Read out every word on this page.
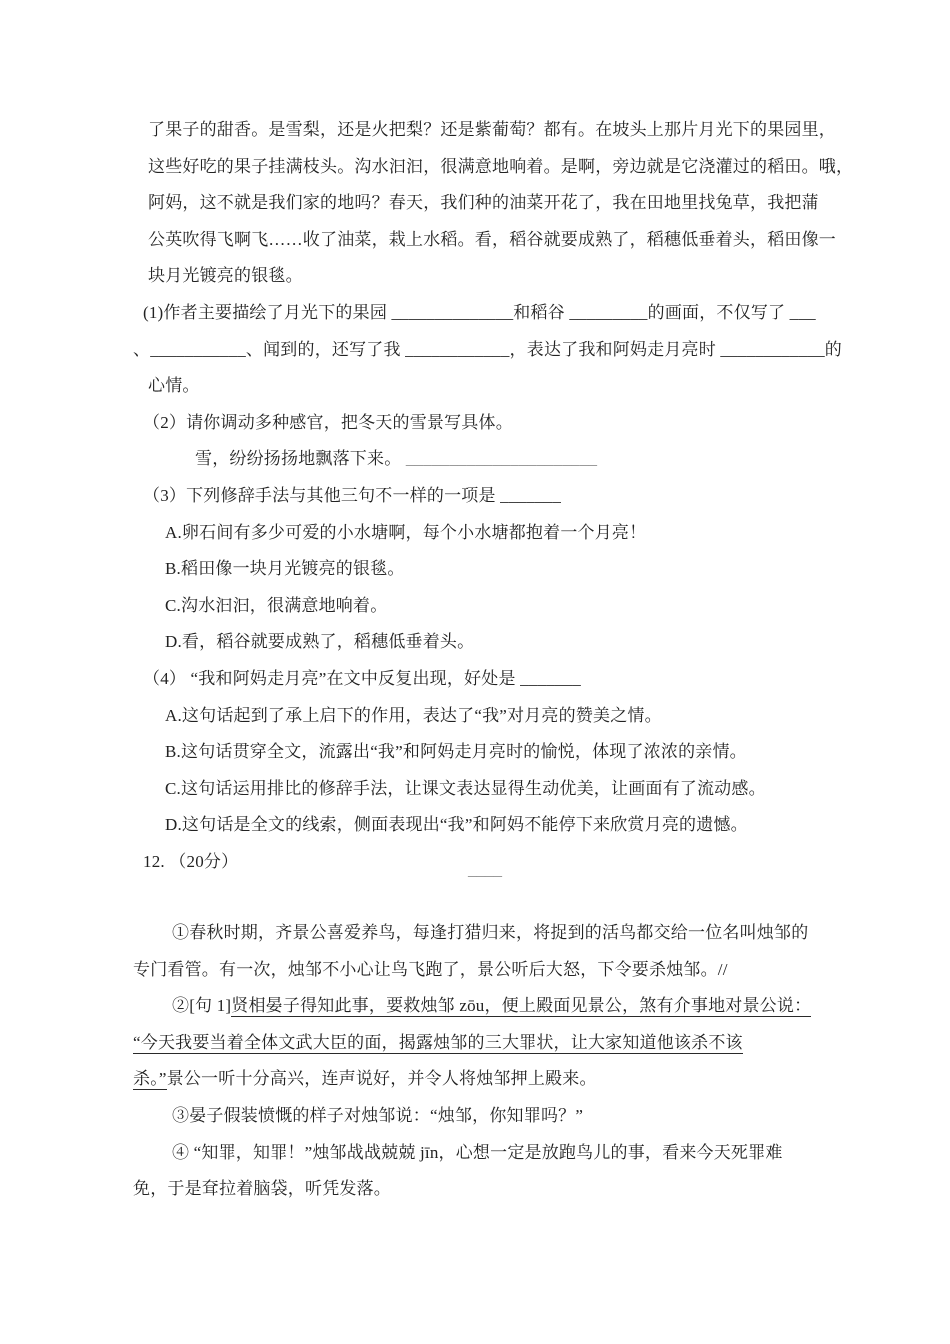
了果子的甜香。是雪梨，还是火把梨？还是紫葡萄？都有。在坡头上那片月光下的果园里，
这些好吃的果子挂满枝头。沟水汩汩，很满意地响着。是啊，旁边就是它浇灌过的稻田。哦，
阿妈，这不就是我们家的地吗？春天，我们种的油菜开花了，我在田地里找兔草，我把蒲
公英吹得飞啊飞……收了油菜，栽上水稻。看，稻谷就要成熟了，稻穗低垂着头，稻田像一
块月光镀亮的银毯。
(1)作者主要描绘了月光下的果园 ______________和稻谷 _________的画面，不仅写了 ___
、___________、闻到的，还写了我 ____________，表达了我和阿妈走月亮时 ____________的
心情。
（2）请你调动多种感官，把冬天的雪景写具体。
雪，纷纷扬扬地飘落下来。 ______________________
（3）下列修辞手法与其他三句不一样的一项是 _______
A.卵石间有多少可爱的小水塘啊，每个小水塘都抱着一个月亮！
B.稻田像一块月光镀亮的银毯。
C.沟水汩汩，很满意地响着。
D.看，稻谷就要成熟了，稻穗低垂着头。
（4） “我和阿妈走月亮”在文中反复出现，好处是 _______
A.这句话起到了承上启下的作用，表达了“我”对月亮的赞美之情。
B.这句话贯穿全文，流露出“我”和阿妈走月亮时的愉悦，体现了浓浓的亲情。
C.这句话运用排比的修辞手法，让课文表达显得生动优美，让画面有了流动感。
D.这句话是全文的线索，侧面表现出“我”和阿妈不能停下来欣赏月亮的遗憾。
12. （20分）	____
①春秋时期，齐景公喜爱养鸟，每逢打猎归来，将捉到的活鸟都交给一位名叫烛邹的
专门看管。有一次，烛邹不小心让鸟飞跑了，景公听后大怒，下令要杀烛邹。//
②[句 1]贤相晏子得知此事，要救烛邹 zōu，便上殿面见景公，煞有介事地对景公说：
“今天我要当着全体文武大臣的面，揭露烛邹的三大罪状，让大家知道他该杀不该
杀。”景公一听十分高兴，连声说好，并令人将烛邹押上殿来。
③晏子假装愤慨的样子对烛邹说：“烛邹，你知罪吗？”
④ “知罪，知罪！”烛邹战战兢兢 jīn，心想一定是放跑鸟儿的事，看来今天死罪难
免，于是耷拉着脑袋，听凭发落。
